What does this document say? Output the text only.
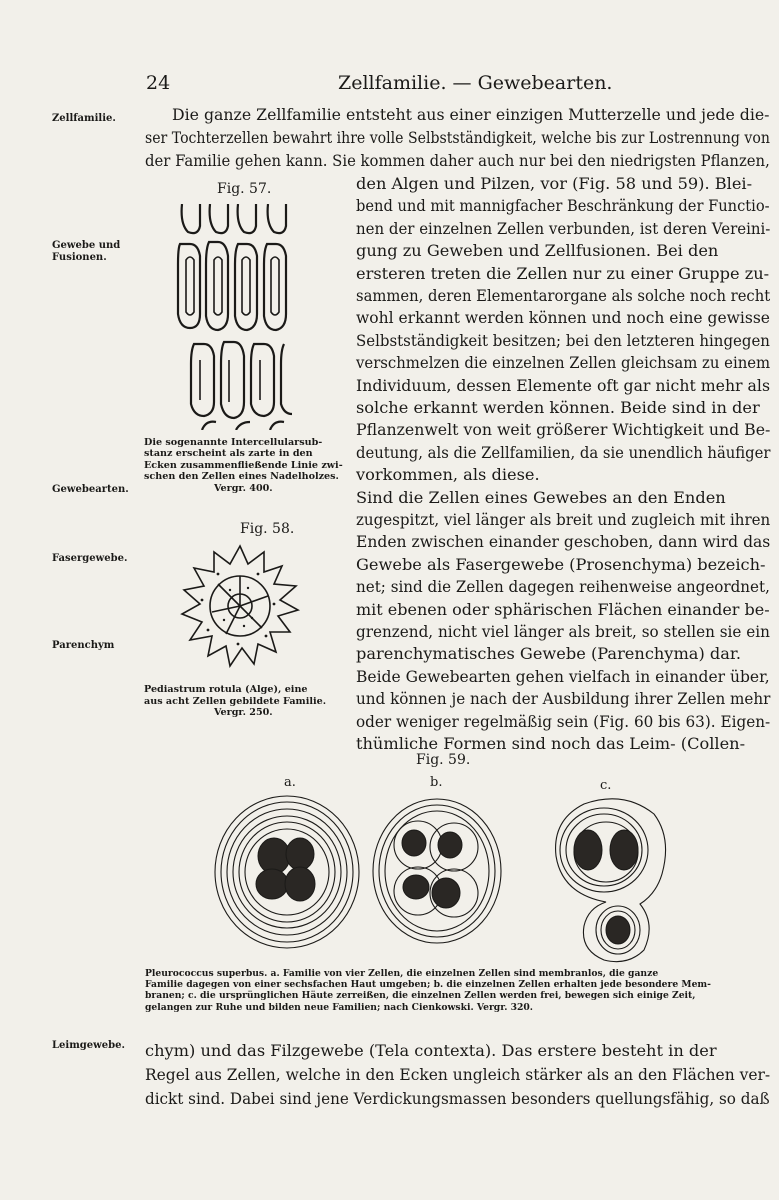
24	Zellfamilie. — Gewebearten.
Zellfamilie.
Gewebe und
Fusionen.
Gewebearten.
Fasergewebe.
Parenchym
Leimgewebe.
Die ganze Zellfamilie entsteht aus einer einzigen Mutterzelle und jede die-
ser Tochterzellen bewahrt ihre volle Selbstständigkeit, welche bis zur Lostrennung von
der Familie gehen kann. Sie kommen daher auch nur bei den niedrigsten Pflanzen,
den Algen und Pilzen, vor (Fig. 58 und 59). Blei-
bend und mit mannigfacher Beschränkung der Functio-
nen der einzelnen Zellen verbunden, ist deren Vereini-
gung zu Geweben und Zellfusionen. Bei den
ersteren treten die Zellen nur zu einer Gruppe zu-
sammen, deren Elementarorgane als solche noch recht
wohl erkannt werden können und noch eine gewisse
Selbstständigkeit besitzen; bei den letzteren hingegen
verschmelzen die einzelnen Zellen gleichsam zu einem
Individuum, dessen Elemente oft gar nicht mehr als
solche erkannt werden können. Beide sind in der
Pflanzenwelt von weit größerer Wichtigkeit und Be-
deutung, als die Zellfamilien, da sie unendlich häufiger
vorkommen, als diese.
Sind die Zellen eines Gewebes an den Enden
zugespitzt, viel länger als breit und zugleich mit ihren
Enden zwischen einander geschoben, dann wird das
Gewebe als Fasergewebe (Prosenchyma) bezeich-
net; sind die Zellen dagegen reihenweise angeordnet,
mit ebenen oder sphärischen Flächen einander be-
grenzend, nicht viel länger als breit, so stellen sie ein
parenchymatisches Gewebe (Parenchyma) dar.
Beide Gewebearten gehen vielfach in einander über,
und können je nach der Ausbildung ihrer Zellen mehr
oder weniger regelmäßig sein (Fig. 60 bis 63). Eigen-
thümliche Formen sind noch das Leim- (Collen-
Fig. 57.
Die sogenannte Intercellularsub-
stanz erscheint als zarte in den
Ecken zusammenfließende Linie zwi-
schen den Zellen eines Nadelholzes.
Vergr. 400.
Fig. 58.
Pediastrum rotula (Alge), eine
aus acht Zellen gebildete Familie.
Vergr. 250.
Fig. 59.
a.	b.	c.
Pleurococcus superbus. a. Familie von vier Zellen, die einzelnen Zellen sind membranlos, die ganze
Familie dagegen von einer sechsfachen Haut umgeben; b. die einzelnen Zellen erhalten jede besondere Mem-
branen; c. die ursprünglichen Häute zerreißen, die einzelnen Zellen werden frei, bewegen sich einige Zeit,
gelangen zur Ruhe und bilden neue Familien; nach Cienkowski. Vergr. 320.
chym) und das Filzgewebe (Tela contexta). Das erstere besteht in der
Regel aus Zellen, welche in den Ecken ungleich stärker als an den Flächen ver-
dickt sind. Dabei sind jene Verdickungsmassen besonders quellungsfähig, so daß
